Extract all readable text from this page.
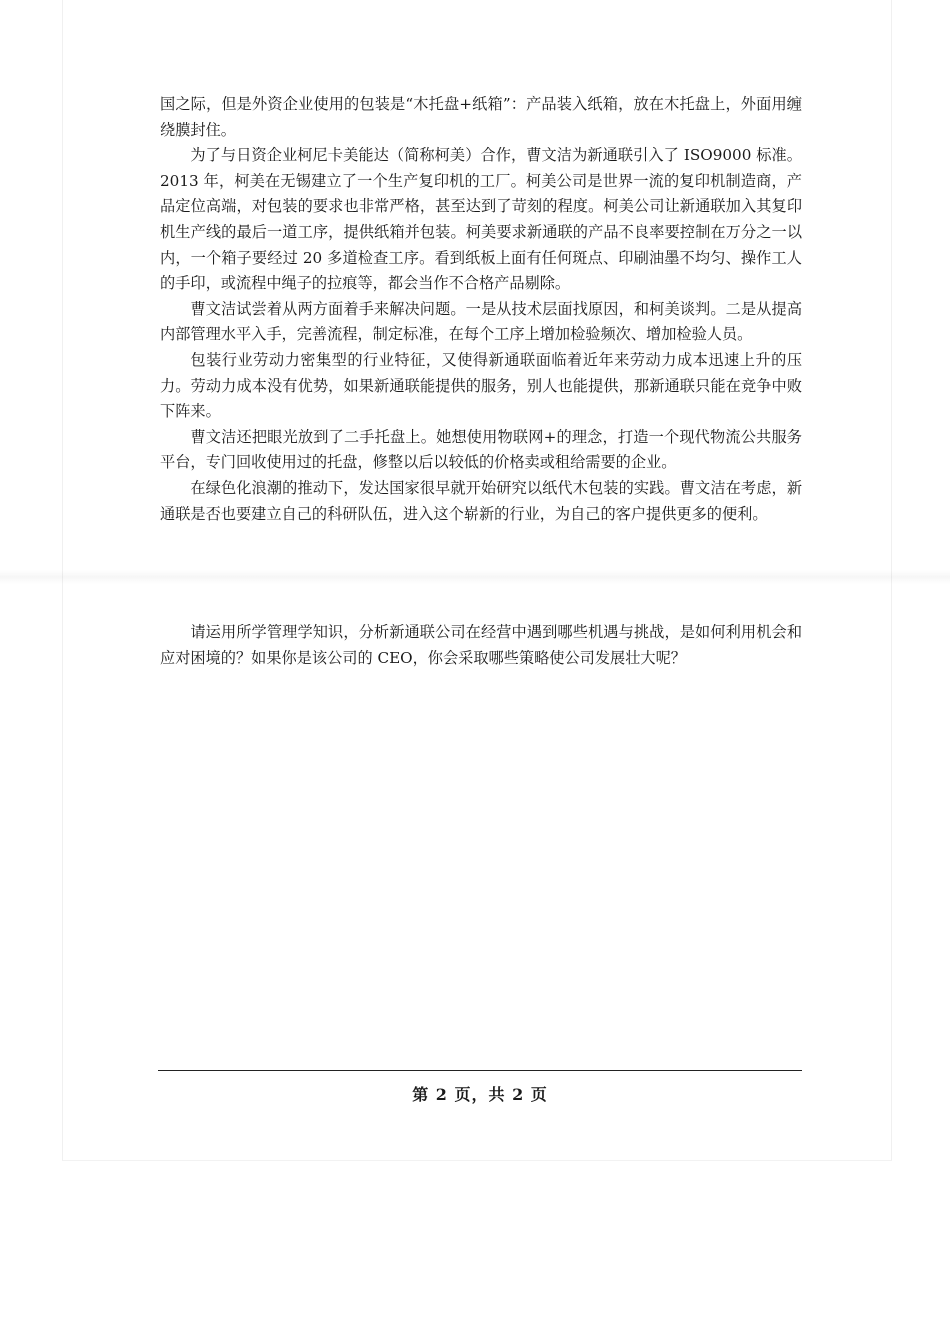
国之际，但是外资企业使用的包装是“木托盘+纸箱”：产品装入纸箱，放在木托盘上，外面用缠绕膜封住。

为了与日资企业柯尼卡美能达（简称柯美）合作，曹文洁为新通联引入了 ISO9000 标准。2013 年，柯美在无锡建立了一个生产复印机的工厂。柯美公司是世界一流的复印机制造商，产品定位高端，对包装的要求也非常严格，甚至达到了苛刻的程度。柯美公司让新通联加入其复印机生产线的最后一道工序，提供纸箱并包装。柯美要求新通联的产品不良率要控制在万分之一以内，一个箱子要经过 20 多道检查工序。看到纸板上面有任何斑点、印刷油墨不均匀、操作工人的手印，或流程中绳子的拉痕等，都会当作不合格产品剔除。

曹文洁试尝着从两方面着手来解决问题。一是从技术层面找原因，和柯美谈判。二是从提高内部管理水平入手，完善流程，制定标准，在每个工序上增加检验频次、增加检验人员。

包装行业劳动力密集型的行业特征，又使得新通联面临着近年来劳动力成本迅速上升的压力。劳动力成本没有优势，如果新通联能提供的服务，别人也能提供，那新通联只能在竞争中败下阵来。

曹文洁还把眼光放到了二手托盘上。她想使用物联网+的理念，打造一个现代物流公共服务平台，专门回收使用过的托盘，修整以后以较低的价格卖或租给需要的企业。

在绿色化浪潮的推动下，发达国家很早就开始研究以纸代木包装的实践。曹文洁在考虑，新通联是否也要建立自己的科研队伍，进入这个崭新的行业，为自己的客户提供更多的便利。

请运用所学管理学知识，分析新通联公司在经营中遇到哪些机遇与挑战，是如何利用机会和应对困境的？如果你是该公司的 CEO，你会采取哪些策略使公司发展壮大呢？

第 2 页，共 2 页
